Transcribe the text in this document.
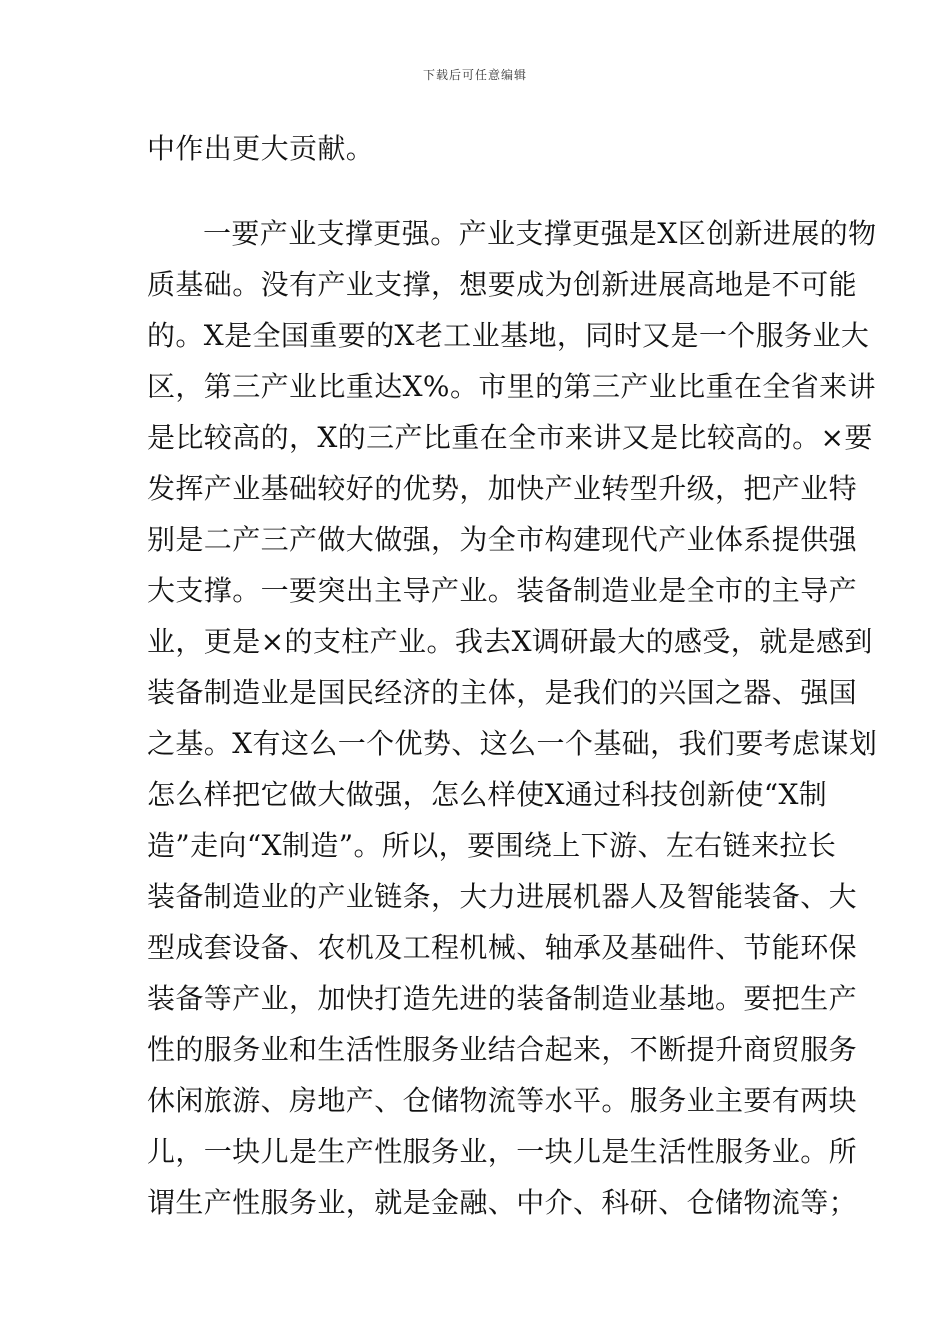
下载后可任意编辑
中作出更大贡献。
一要产业支撑更强。产业支撑更强是X区创新进展的物
质基础。没有产业支撑，想要成为创新进展高地是不可能
的。X是全国重要的X老工业基地，同时又是一个服务业大
区，第三产业比重达X%。市里的第三产业比重在全省来讲
是比较高的，X的三产比重在全市来讲又是比较高的。×要
发挥产业基础较好的优势，加快产业转型升级，把产业特
别是二产三产做大做强，为全市构建现代产业体系提供强
大支撑。一要突出主导产业。装备制造业是全市的主导产
业，更是×的支柱产业。我去X调研最大的感受，就是感到
装备制造业是国民经济的主体，是我们的兴国之器、强国
之基。X有这么一个优势、这么一个基础，我们要考虑谋划
怎么样把它做大做强，怎么样使X通过科技创新使“X制
造”走向“X制造”。所以，要围绕上下游、左右链来拉长
装备制造业的产业链条，大力进展机器人及智能装备、大
型成套设备、农机及工程机械、轴承及基础件、节能环保
装备等产业，加快打造先进的装备制造业基地。要把生产
性的服务业和生活性服务业结合起来，不断提升商贸服务
休闲旅游、房地产、仓储物流等水平。服务业主要有两块
儿，一块儿是生产性服务业，一块儿是生活性服务业。所
谓生产性服务业，就是金融、中介、科研、仓储物流等；
